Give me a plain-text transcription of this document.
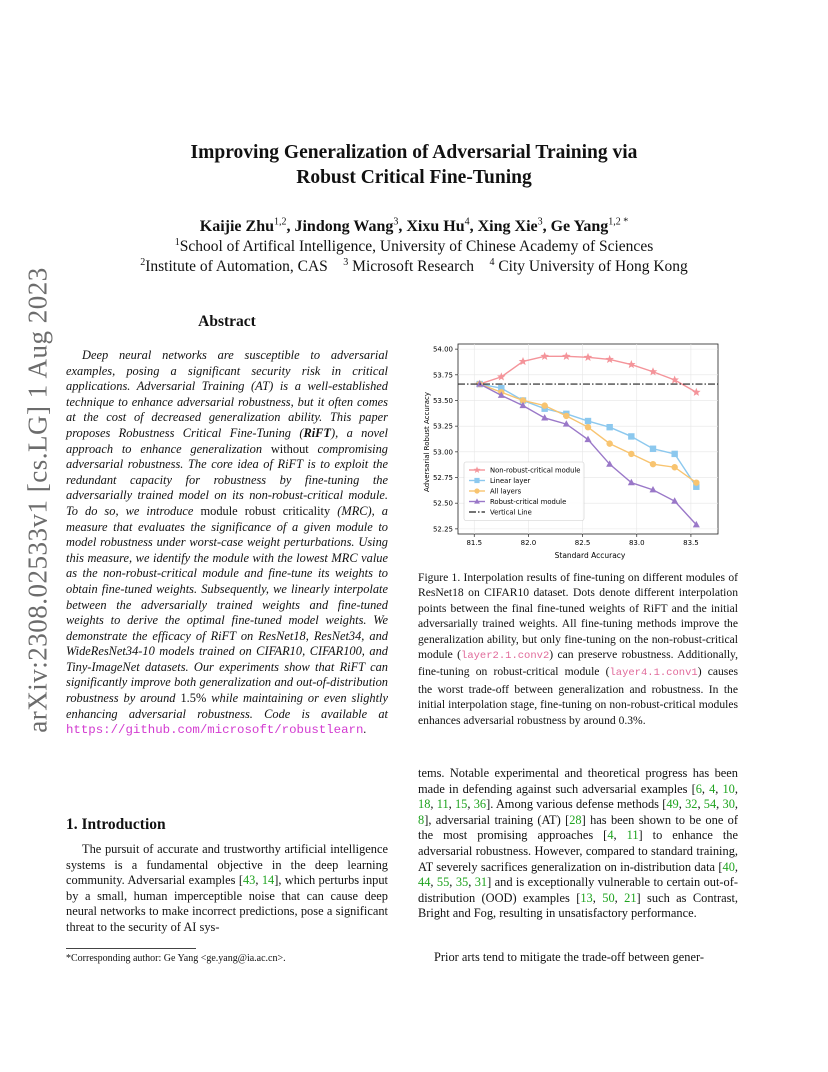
arXiv:2308.02533v1 [cs.LG] 1 Aug 2023
Improving Generalization of Adversarial Training via
Robust Critical Fine-Tuning
Kaijie Zhu$^{1,2}$, Jindong Wang$^3$, Xixu Hu$^4$, Xing Xie$^3$, Ge Yang$^{1,2 *}$
$^1$School of Artifical Intelligence, University of Chinese Academy of Sciences
$^2$Institute of Automation, CAS $^3$ Microsoft Research $^4$ City University of Hong Kong
Abstract

Deep neural networks are susceptible to adversarial examples, posing a significant security risk in critical applications. Adversarial Training (AT) is a well-established technique to enhance adversarial robustness, but it often comes at the cost of decreased generalization ability. This paper proposes Robustness Critical Fine-Tuning (RiFT), a novel approach to enhance generalization without compromising adversarial robustness. The core idea of RiFT is to exploit the redundant capacity for robustness by fine-tuning the adversarially trained model on its non-robust-critical module. To do so, we introduce module robust criticality (MRC), a measure that evaluates the significance of a given module to model robustness under worst-case weight perturbations. Using this measure, we identify the module with the lowest MRC value as the non-robust-critical module and fine-tune its weights to obtain fine-tuned weights. Subsequently, we linearly interpolate between the adversarially trained weights and fine-tuned weights to derive the optimal fine-tuned model weights. We demonstrate the efficacy of RiFT on ResNet18, ResNet34, and WideResNet34-10 models trained on CIFAR10, CIFAR100, and Tiny-ImageNet datasets. Our experiments show that RiFT can significantly improve both generalization and out-of-distribution robustness by around 1.5% while maintaining or even slightly enhancing adversarial robustness. Code is available at https://github.com/microsoft/robustlearn.

1. Introduction

The pursuit of accurate and trustworthy artificial intelligence systems is a fundamental objective in the deep learning community. Adversarial examples [43, 14], which perturbs input by a small, human imperceptible noise that can cause deep neural networks to make incorrect predictions, pose a significant threat to the security of AI sys-

*Corresponding author: Ge Yang <ge.yang@ia.ac.cn>.
52.25
52.50
52.75
53.00
53.25
53.50
53.75
54.00
81.5	82.0	82.5	83.0	83.5
Non-robust-critical module
Linear layer
All layers
Robust-critical module
Vertical Line
Standard Accuracy
Adversarial Robust Accuracy

Figure 1. Interpolation results of fine-tuning on different modules of ResNet18 on CIFAR10 dataset. Dots denote different interpolation points between the final fine-tuned weights of RiFT and the initial adversarially trained weights. All fine-tuning methods improve the generalization ability, but only fine-tuning on the non-robust-critical module (layer2.1.conv2) can preserve robustness. Additionally, fine-tuning on robust-critical module (layer4.1.conv1) causes the worst trade-off between generalization and robustness. In the initial interpolation stage, fine-tuning on non-robust-critical modules enhances adversarial robustness by around 0.3%.

tems. Notable experimental and theoretical progress has been made in defending against such adversarial examples [6, 4, 10, 18, 11, 15, 36]. Among various defense methods [49, 32, 54, 30, 8], adversarial training (AT) [28] has been shown to be one of the most promising approaches [4, 11] to enhance the adversarial robustness. However, compared to standard training, AT severely sacrifices generalization on in-distribution data [40, 44, 55, 35, 31] and is exceptionally vulnerable to certain out-of-distribution (OOD) examples [13, 50, 21] such as Contrast, Bright and Fog, resulting in unsatisfactory performance.

Prior arts tend to mitigate the trade-off between gener-
